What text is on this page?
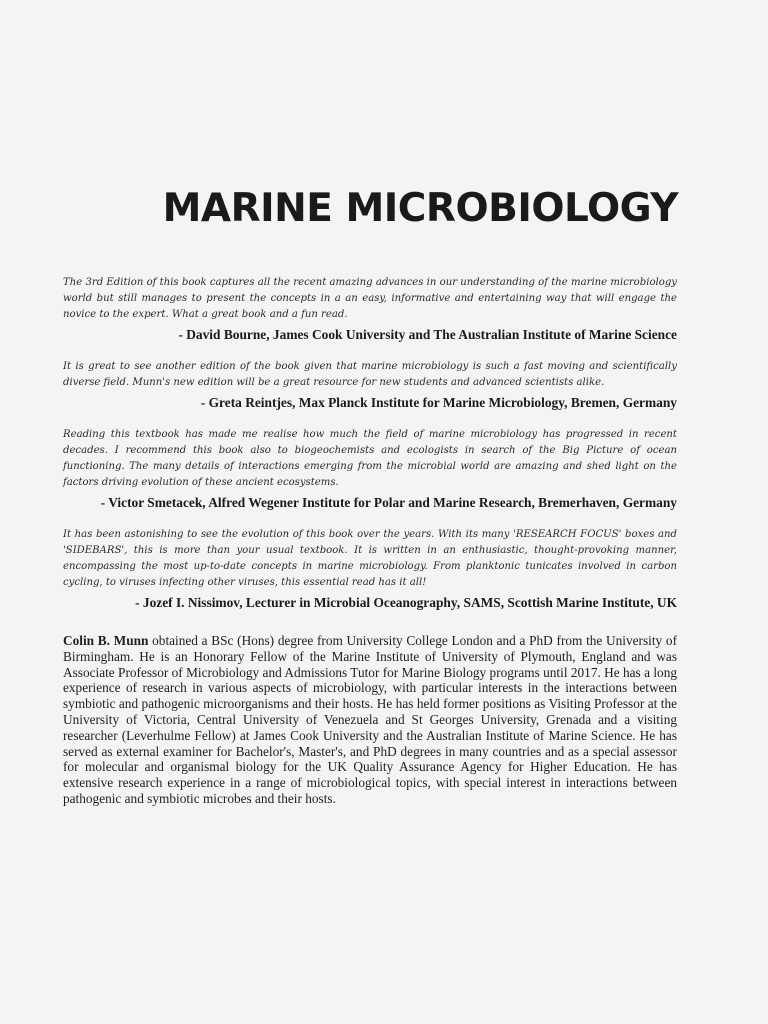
MARINE MICROBIOLOGY

The 3rd Edition of this book captures all the recent amazing advances in our understanding of the marine microbiology world but still manages to present the concepts in a an easy, informative and entertaining way that will engage the novice to the expert. What a great book and a fun read.

- David Bourne, James Cook University and The Australian Institute of Marine Science

It is great to see another edition of the book given that marine microbiology is such a fast moving and scientifically diverse field. Munn's new edition will be a great resource for new students and advanced scientists alike.

- Greta Reintjes, Max Planck Institute for Marine Microbiology, Bremen, Germany

Reading this textbook has made me realise how much the field of marine microbiology has progressed in recent decades. I recommend this book also to biogeochemists and ecologists in search of the Big Picture of ocean functioning. The many details of interactions emerging from the microbial world are amazing and shed light on the factors driving evolution of these ancient ecosystems.

- Victor Smetacek, Alfred Wegener Institute for Polar and Marine Research, Bremerhaven, Germany

It has been astonishing to see the evolution of this book over the years. With its many 'RESEARCH FOCUS' boxes and 'SIDEBARS', this is more than your usual textbook. It is written in an enthusiastic, thought-provoking manner, encompassing the most up-to-date concepts in marine microbiology. From planktonic tunicates involved in carbon cycling, to viruses infecting other viruses, this essential read has it all!

- Jozef I. Nissimov, Lecturer in Microbial Oceanography, SAMS, Scottish Marine Institute, UK

Colin B. Munn obtained a BSc (Hons) degree from University College London and a PhD from the University of Birmingham. He is an Honorary Fellow of the Marine Institute of University of Plymouth, England and was Associate Professor of Microbiology and Admissions Tutor for Marine Biology programs until 2017. He has a long experience of research in various aspects of microbiology, with particular interests in the interactions between symbiotic and pathogenic microorganisms and their hosts. He has held former positions as Visiting Professor at the University of Victoria, Central University of Venezuela and St Georges University, Grenada and a visiting researcher (Leverhulme Fellow) at James Cook University and the Australian Institute of Marine Science. He has served as external examiner for Bachelor's, Master's, and PhD degrees in many countries and as a special assessor for molecular and organismal biology for the UK Quality Assurance Agency for Higher Education. He has extensive research experience in a range of microbiological topics, with special interest in interactions between pathogenic and symbiotic microbes and their hosts.
